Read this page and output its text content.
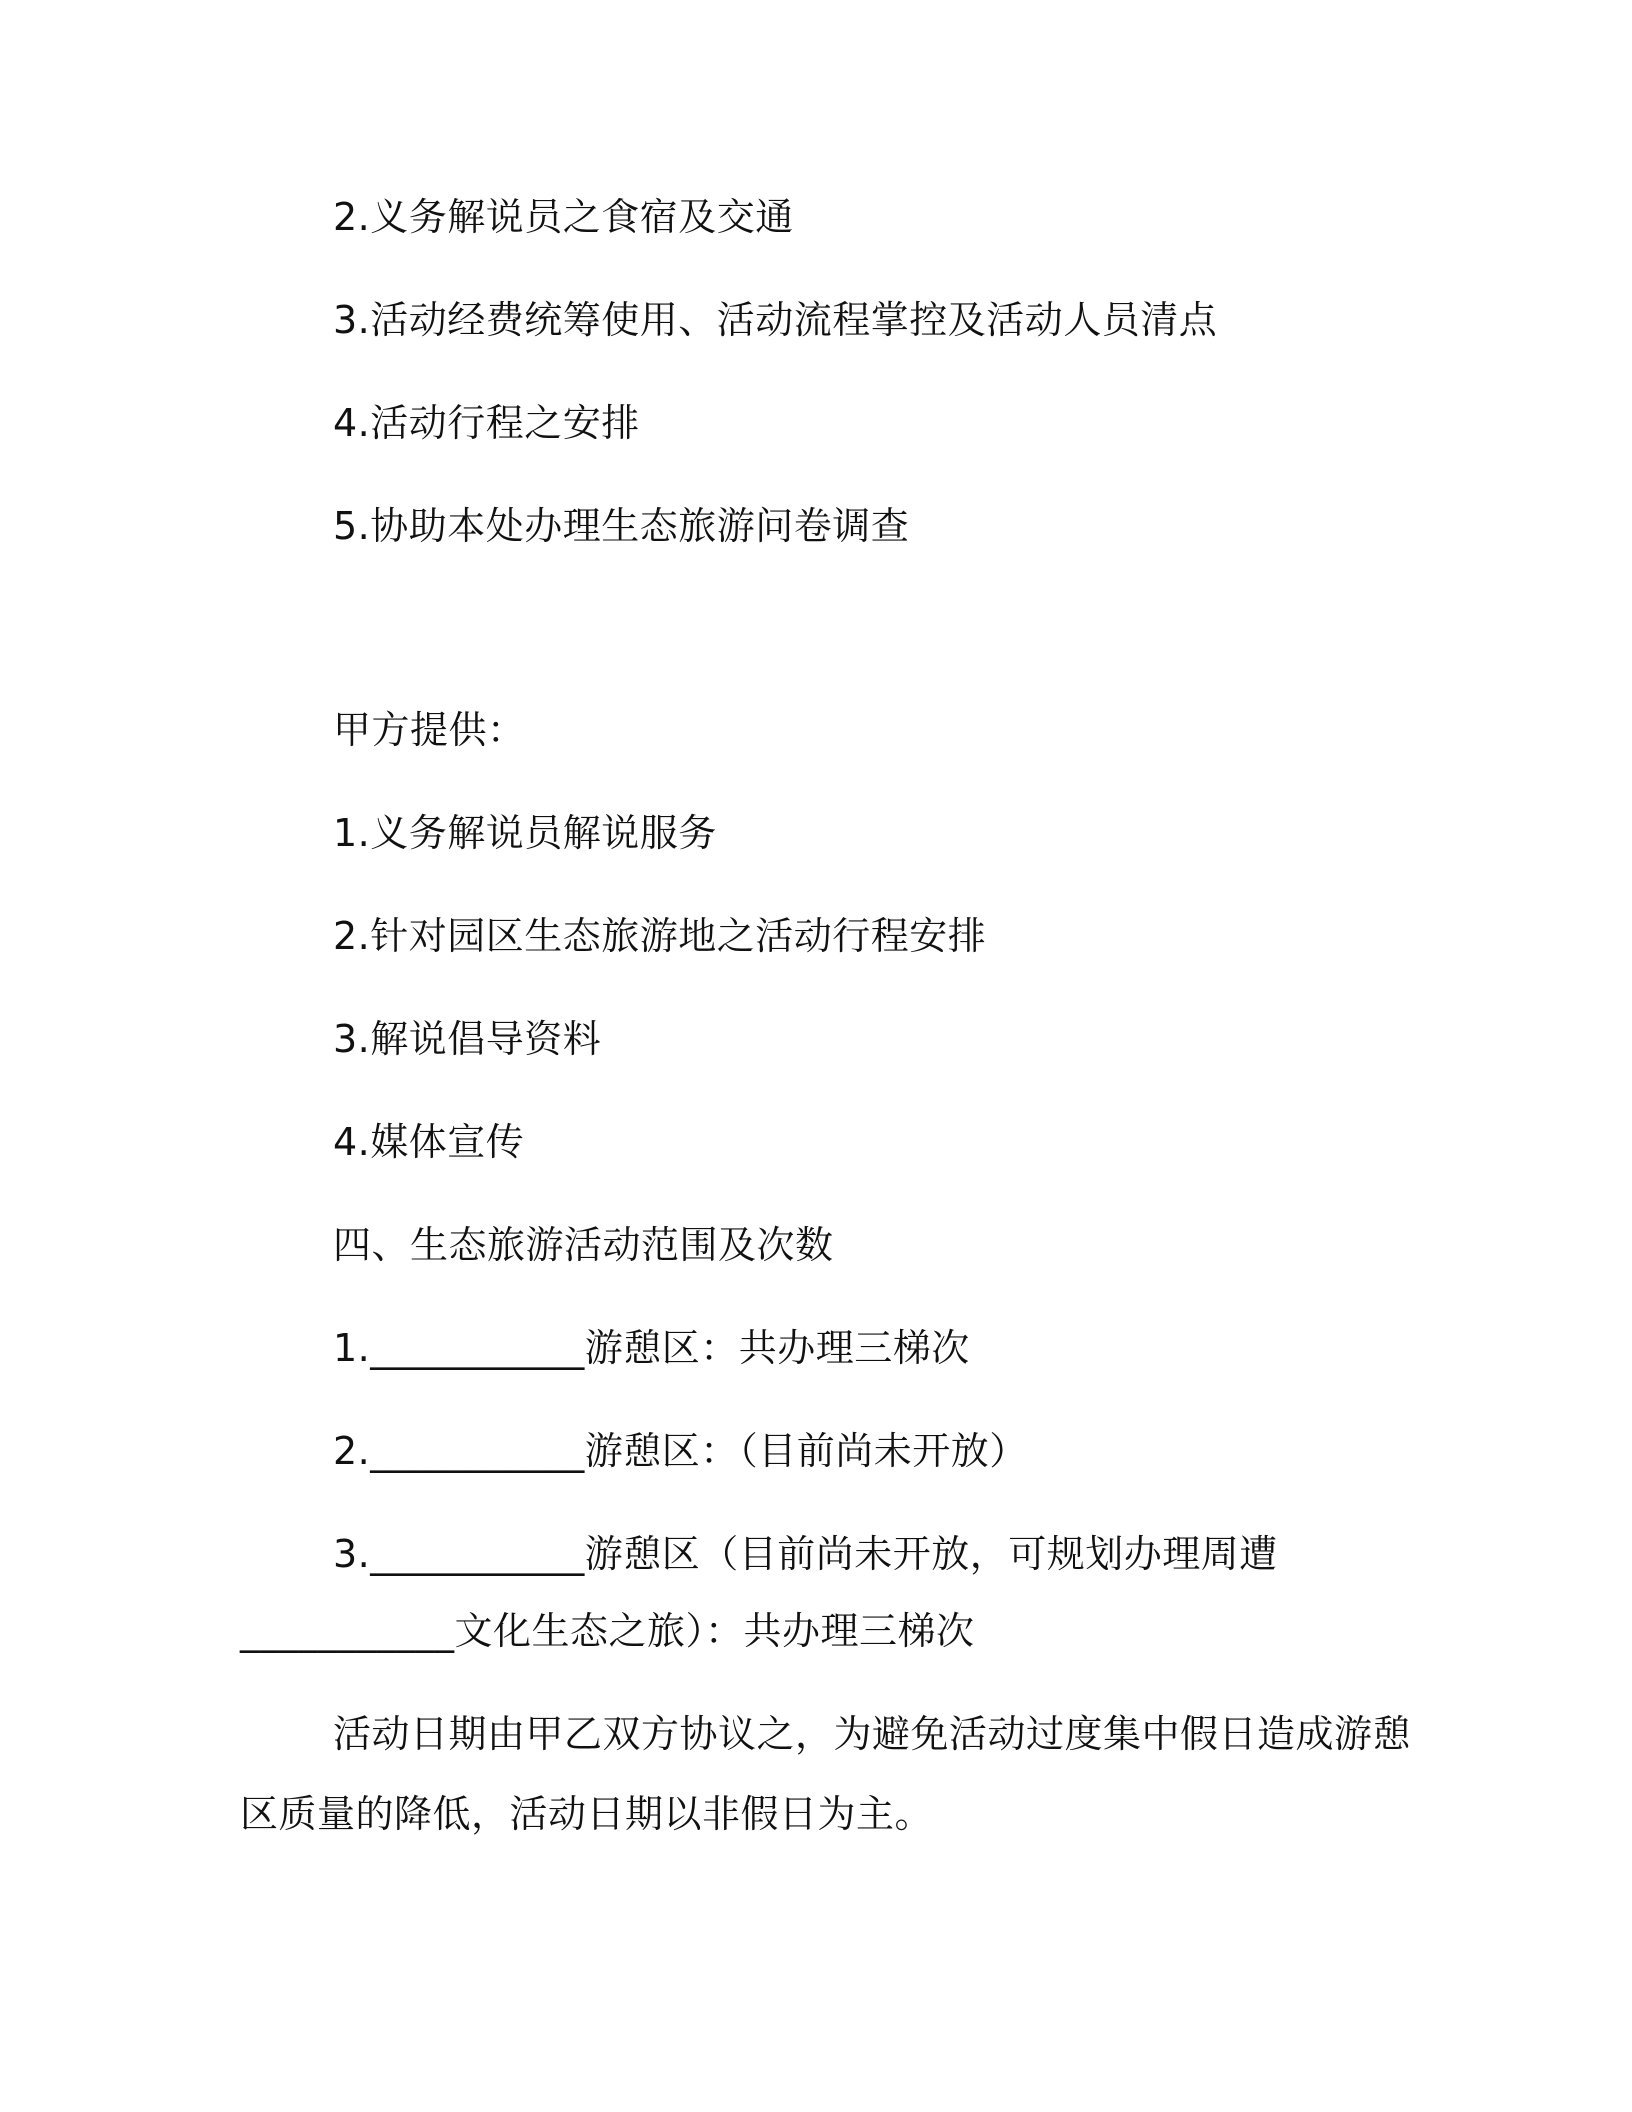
2.义务解说员之食宿及交通
3.活动经费统筹使用、活动流程掌控及活动人员清点
4.活动行程之安排
5.协助本处办理生态旅游问卷调查
甲方提供：
1.义务解说员解说服务
2.针对园区生态旅游地之活动行程安排
3.解说倡导资料
4.媒体宣传
四、生态旅游活动范围及次数
1.___________游憩区：共办理三梯次
2.___________游憩区：（目前尚未开放）
3.___________游憩区（目前尚未开放，可规划办理周遭
___________文化生态之旅）：共办理三梯次
活动日期由甲乙双方协议之，为避免活动过度集中假日造成游憩
区质量的降低，活动日期以非假日为主。
